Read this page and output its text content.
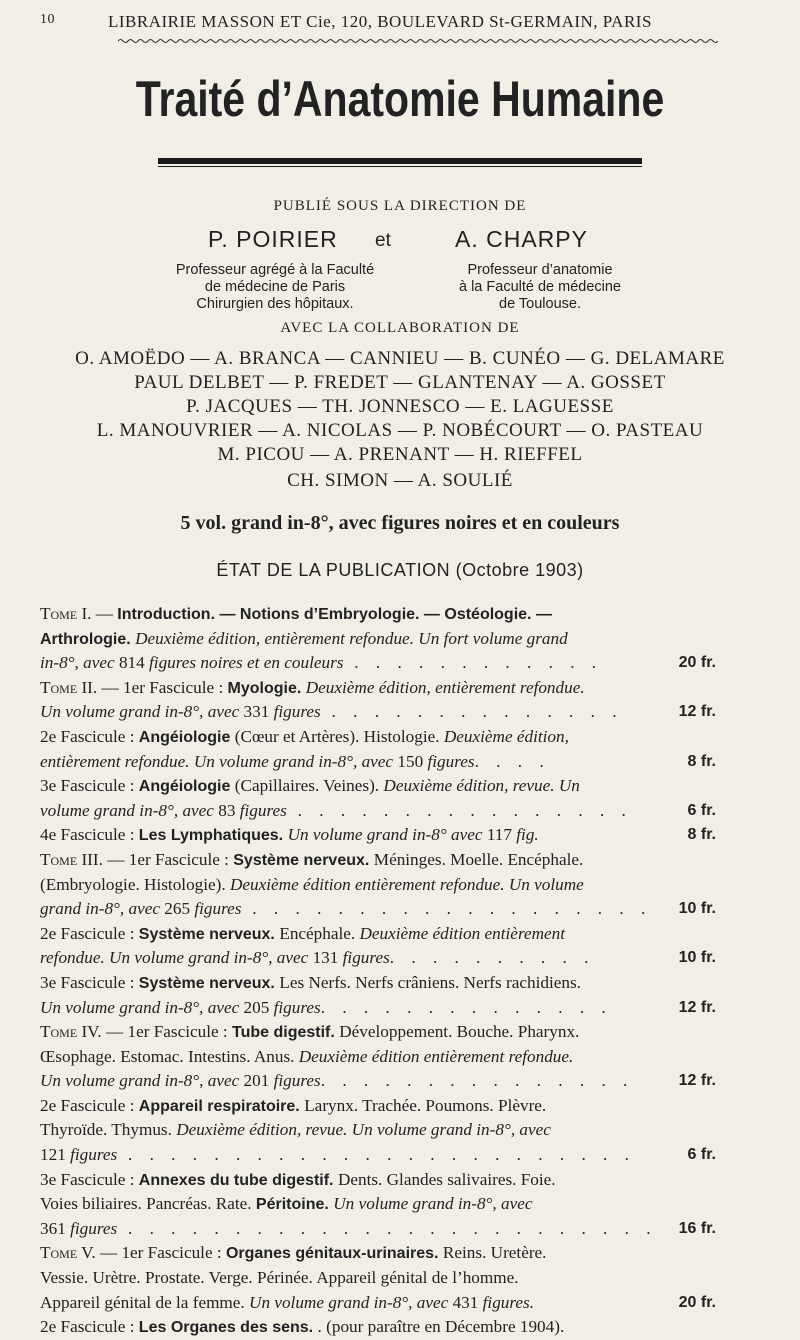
10	LIBRAIRIE MASSON ET Cie, 120, BOULEVARD St-GERMAIN, PARIS
Traité d’Anatomie Humaine
PUBLIÉ SOUS LA DIRECTION DE
P. POIRIER et	A. CHARPY
Professeur agrégé à la Faculté
de médecine de Paris
Chirurgien des hôpitaux.
Professeur d’anatomie
à la Faculté de médecine
de Toulouse.
AVEC LA COLLABORATION DE
O. AMOËDO — A. BRANCA — CANNIEU — B. CUNÉO — G. DELAMARE
PAUL DELBET — P. FREDET — GLANTENAY — A. GOSSET
P. JACQUES — TH. JONNESCO — E. LAGUESSE
L. MANOUVRIER — A. NICOLAS — P. NOBÉCOURT — O. PASTEAU
M. PICOU — A. PRENANT — H. RIEFFEL
CH. SIMON — A. SOULIÉ
5 vol. grand in-8°, avec figures noires et en couleurs
ÉTAT DE LA PUBLICATION (Octobre 1903)
Tome I. — Introduction. — Notions d’Embryologie. — Ostéologie. —
Arthrologie. Deuxième édition, entièrement refondue. Un fort volume grand
in-8°, avec 814 figures noires et en couleurs . . . . . . . . . . . .	20 fr.
Tome II. — 1er Fascicule : Myologie. Deuxième édition, entièrement refondue.
Un volume grand in-8°, avec 331 figures . . . . . . . . . . . . . .	12 fr.
2e Fascicule : Angéiologie (Cœur et Artères). Histologie. Deuxième édition,
entièrement refondue. Un volume grand in-8°, avec 150 figures. . . .	8 fr.
3e Fascicule : Angéiologie (Capillaires. Veines). Deuxième édition, revue. Un
volume grand in-8°, avec 83 figures . . . . . . . . . . . . . . . .	6 fr.
4e Fascicule : Les Lymphatiques. Un volume grand in-8° avec 117 fig.	8 fr.
Tome III. — 1er Fascicule : Système nerveux. Méninges. Moelle. Encéphale.
(Embryologie. Histologie). Deuxième édition entièrement refondue. Un volume
grand in-8°, avec 265 figures . . . . . . . . . . . . . . . . . . . 10 fr.
2e Fascicule : Système nerveux. Encéphale. Deuxième édition entièrement
refondue. Un volume grand in-8°, avec 131 figures. . . . . . . . . .	10 fr.
3e Fascicule : Système nerveux. Les Nerfs. Nerfs crâniens. Nerfs rachidiens.
Un volume grand in-8°, avec 205 figures. . . . . . . . . . . . . .	12 fr.
Tome IV. — 1er Fascicule : Tube digestif. Développement. Bouche. Pharynx.
Œsophage. Estomac. Intestins. Anus. Deuxième édition entièrement refondue.
Un volume grand in-8°, avec 201 figures. . . . . . . . . . . . . . .	12 fr.
2e Fascicule : Appareil respiratoire. Larynx. Trachée. Poumons. Plèvre.
Thyroïde. Thymus. Deuxième édition, revue. Un volume grand in-8°, avec
121 figures . . . . . . . . . . . . . . . . . . . . . . . .	6 fr.
3e Fascicule : Annexes du tube digestif. Dents. Glandes salivaires. Foie.
Voies biliaires. Pancréas. Rate. Péritoine. Un volume grand in-8°, avec
361 figures . . . . . . . . . . . . . . . . . . . . . . . . . 16 fr.
Tome V. — 1er Fascicule : Organes génitaux-urinaires. Reins. Uretère.
Vessie. Urètre. Prostate. Verge. Périnée. Appareil génital de l’homme.
Appareil génital de la femme. Un volume grand in-8°, avec 431 figures.	20 fr.
2e Fascicule : Les Organes des sens. . (pour paraître en Décembre 1904).
